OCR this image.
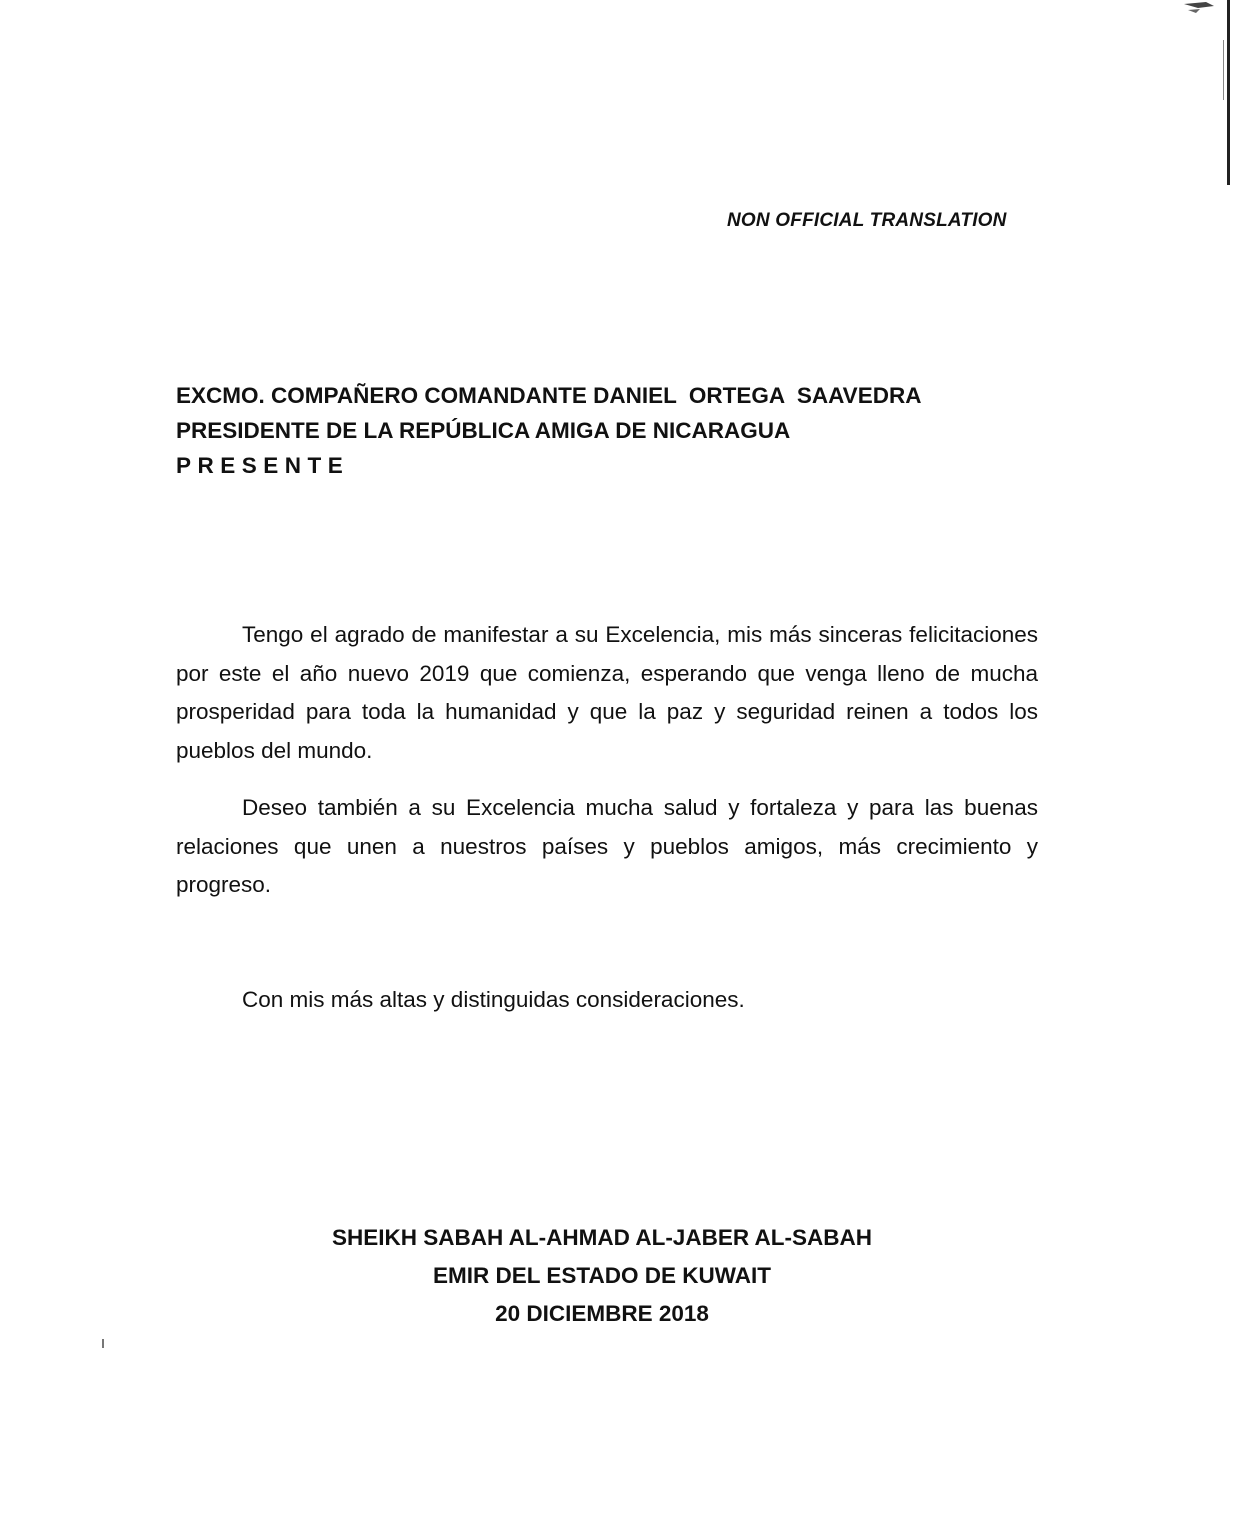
NON OFFICIAL TRANSLATION
EXCMO. COMPAÑERO COMANDANTE DANIEL  ORTEGA  SAAVEDRA
PRESIDENTE DE LA REPÚBLICA AMIGA DE NICARAGUA
PRESENTE

Tengo el agrado de manifestar a su Excelencia, mis más sinceras felicitaciones por este el año nuevo 2019 que comienza, esperando que venga lleno de mucha prosperidad para toda la humanidad y que la paz y seguridad reinen a todos los pueblos del mundo.

Deseo también a su Excelencia mucha salud y fortaleza y para las buenas relaciones que unen a nuestros países y pueblos amigos, más crecimiento y progreso.

Con mis más altas y distinguidas consideraciones.
SHEIKH SABAH AL-AHMAD AL-JABER AL-SABAH
EMIR DEL ESTADO DE KUWAIT
20 DICIEMBRE 2018
